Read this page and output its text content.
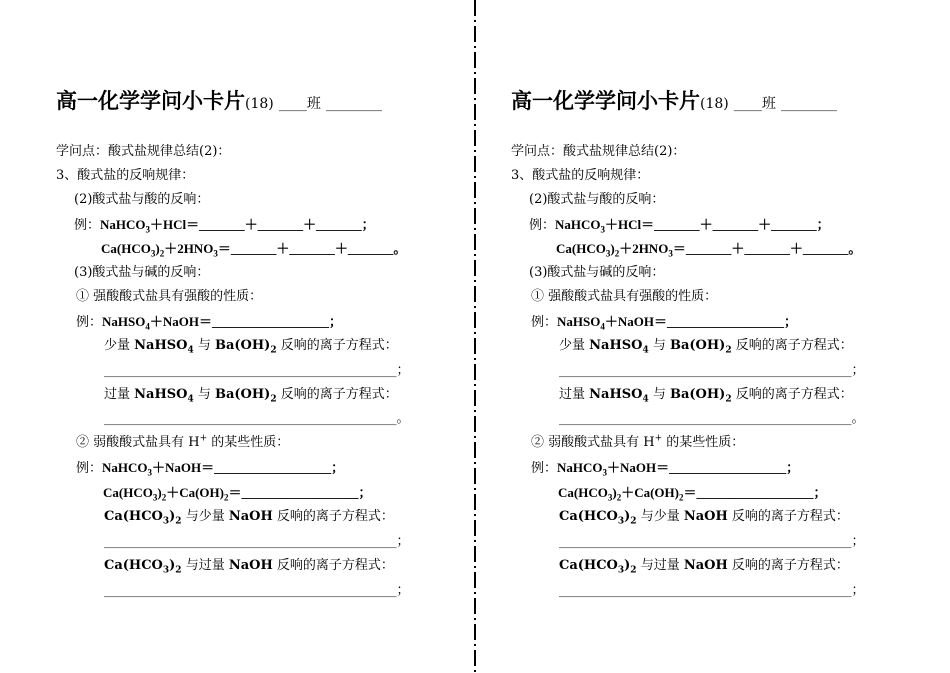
高一化学学问小卡片(18) ____班 ________
学问点：酸式盐规律总结(2)：
3、酸式盐的反响规律：
(2)酸式盐与酸的反响：
例：NaHCO$_3$＋HCl＝_______＋_______＋_______；
$Ca(HCO_3)_2+2HNO_3=\_\_\_\_\_\_\_+\_\_\_\_\_\_\_+\_\_\_\_\_\_\_$。
(3)酸式盐与碱的反响：
① 强酸酸式盐具有强酸的性质：
例：NaHSO$_4$＋NaOH＝__________________；
少量 NaHSO$_4$ 与 $Ba(OH)_2$ 反响的离子方程式：
_____________________________________________；
过量 NaHSO$_4$ 与 $Ba(OH)_2$ 反响的离子方程式：
_____________________________________________。
② 弱酸酸式盐具有 H+ 的某些性质：
例：NaHCO$_3$＋NaOH＝__________________；
$Ca(HCO_3)_2+Ca(OH)_2=\_\_\_\_\_\_\_\_\_\_\_\_\_\_\_\_\_\_$；
$Ca(HCO_3)_2$ 与少量 NaOH 反响的离子方程式：
_____________________________________________；
$Ca(HCO_3)_2$ 与过量 NaOH 反响的离子方程式：
_____________________________________________；
高一化学学问小卡片(18) ____班 ________
学问点：酸式盐规律总结(2)：
3、酸式盐的反响规律：
(2)酸式盐与酸的反响：
例：NaHCO$_3$＋HCl＝_______＋_______＋_______；
$Ca(HCO_3)_2+2HNO_3=\_\_\_\_\_\_\_+\_\_\_\_\_\_\_+\_\_\_\_\_\_\_$。
(3)酸式盐与碱的反响：
① 强酸酸式盐具有强酸的性质：
例：NaHSO$_4$＋NaOH＝__________________；
少量 NaHSO$_4$ 与 $Ba(OH)_2$ 反响的离子方程式：
_____________________________________________；
过量 NaHSO$_4$ 与 $Ba(OH)_2$ 反响的离子方程式：
_____________________________________________。
② 弱酸酸式盐具有 H+ 的某些性质：
例：NaHCO$_3$＋NaOH＝__________________；
$Ca(HCO_3)_2+Ca(OH)_2=\_\_\_\_\_\_\_\_\_\_\_\_\_\_\_\_\_\_$；
$Ca(HCO_3)_2$ 与少量 NaOH 反响的离子方程式：
_____________________________________________；
$Ca(HCO_3)_2$ 与过量 NaOH 反响的离子方程式：
_____________________________________________；
